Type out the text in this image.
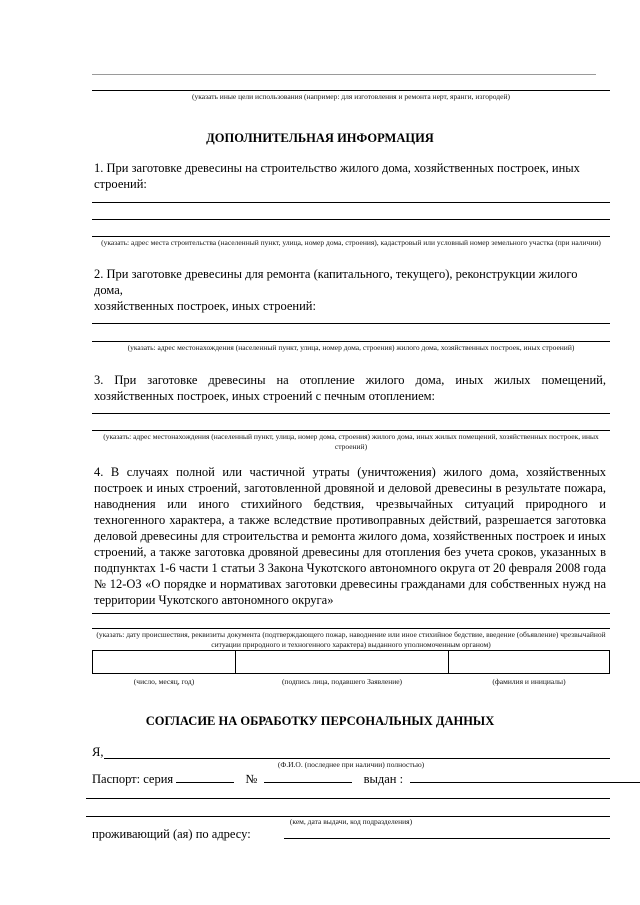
(указать иные цели использования (например: для изготовления и ремонта нерт, яранги, изгородей)
ДОПОЛНИТЕЛЬНАЯ ИНФОРМАЦИЯ
1. При заготовке древесины на строительство жилого дома, хозяйственных построек, иных строений:
(указать: адрес места строительства (населенный пункт, улица, номер дома, строения), кадастровый или условный номер земельного участка (при наличии)
2. При заготовке древесины для ремонта (капитального, текущего), реконструкции жилого дома,
хозяйственных построек, иных строений:
(указать: адрес местонахождения (населенный пункт, улица, номер дома, строения) жилого дома, хозяйственных построек, иных строений)
3. При заготовке древесины на отопление жилого дома, иных жилых помещений, хозяйственных построек, иных строений с печным отоплением:
(указать: адрес местонахождения (населенный пункт, улица, номер дома, строения) жилого дома, иных жилых помещений, хозяйственных построек, иных строений)
4. В случаях полной или частичной утраты (уничтожения) жилого дома, хозяйственных построек и иных строений, заготовленной дровяной и деловой древесины в результате пожара, наводнения или иного стихийного бедствия, чрезвычайных ситуаций природного и техногенного характера, а также вследствие противоправных действий, разрешается заготовка деловой древесины для строительства и ремонта жилого дома, хозяйственных построек и иных строений, а также заготовка дровяной древесины для отопления без учета сроков, указанных в подпунктах 1-6 части 1 статьи 3 Закона Чукотского автономного округа от 20 февраля 2008 года № 12-ОЗ «О порядке и нормативах заготовки древесины гражданами для собственных нужд на территории Чукотского автономного округа»
(указать: дату происшествия, реквизиты документа (подтверждающего пожар, наводнение или иное стихийное бедствие, введение (объявление) чрезвычайной ситуации природного и техногенного характера) выданного уполномоченным органом)
(число, месяц, год)	(подпись лица, подавшего Заявление)	(фамилия и инициалы)
СОГЛАСИЕ НА ОБРАБОТКУ ПЕРСОНАЛЬНЫХ ДАННЫХ
Я,
(Ф.И.О. (последнее при наличии) полностью)
Паспорт: серия	№	выдан :
(кем, дата выдачи, код подразделения)
проживающий (ая) по адресу:
